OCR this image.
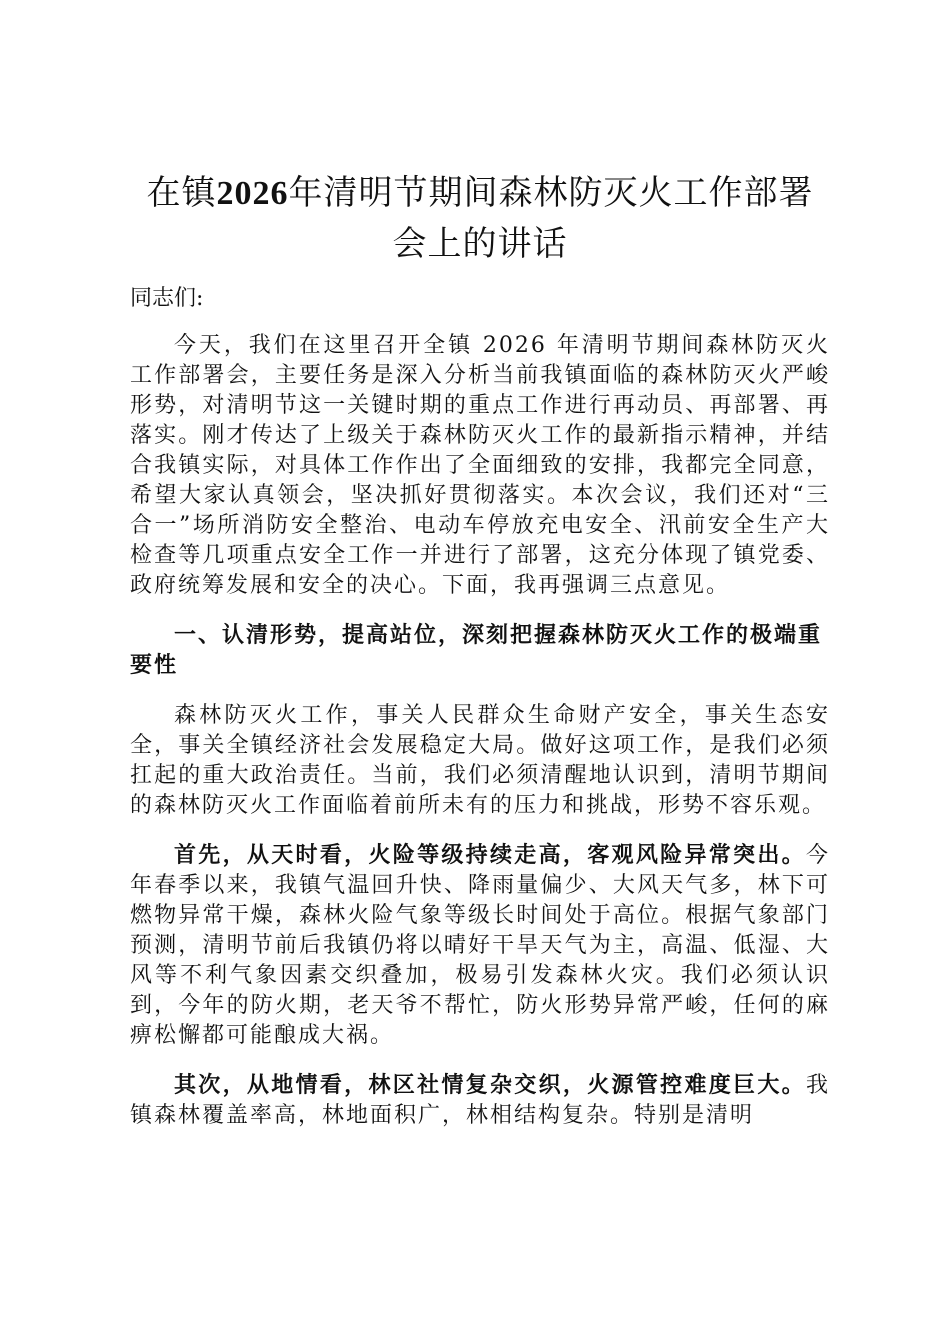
在镇2026年清明节期间森林防灭火工作部署
会上的讲话

同志们:

今天，我们在这里召开全镇 2026 年清明节期间森林防灭火工作部署会，主要任务是深入分析当前我镇面临的森林防灭火严峻形势，对清明节这一关键时期的重点工作进行再动员、再部署、再落实。刚才传达了上级关于森林防灭火工作的最新指示精神，并结合我镇实际，对具体工作作出了全面细致的安排，我都完全同意，希望大家认真领会，坚决抓好贯彻落实。本次会议，我们还对“三合一”场所消防安全整治、电动车停放充电安全、汛前安全生产大检查等几项重点安全工作一并进行了部署，这充分体现了镇党委、政府统筹发展和安全的决心。下面，我再强调三点意见。

一、认清形势，提高站位，深刻把握森林防灭火工作的极端重要性

森林防灭火工作，事关人民群众生命财产安全，事关生态安全，事关全镇经济社会发展稳定大局。做好这项工作，是我们必须扛起的重大政治责任。当前，我们必须清醒地认识到，清明节期间的森林防灭火工作面临着前所未有的压力和挑战，形势不容乐观。

首先，从天时看，火险等级持续走高，客观风险异常突出。今年春季以来，我镇气温回升快、降雨量偏少、大风天气多，林下可燃物异常干燥，森林火险气象等级长时间处于高位。根据气象部门预测，清明节前后我镇仍将以晴好干旱天气为主，高温、低湿、大风等不利气象因素交织叠加，极易引发森林火灾。我们必须认识到，今年的防火期，老天爷不帮忙，防火形势异常严峻，任何的麻痹松懈都可能酿成大祸。

其次，从地情看，林区社情复杂交织，火源管控难度巨大。我镇森林覆盖率高，林地面积广，林相结构复杂。特别是清明
